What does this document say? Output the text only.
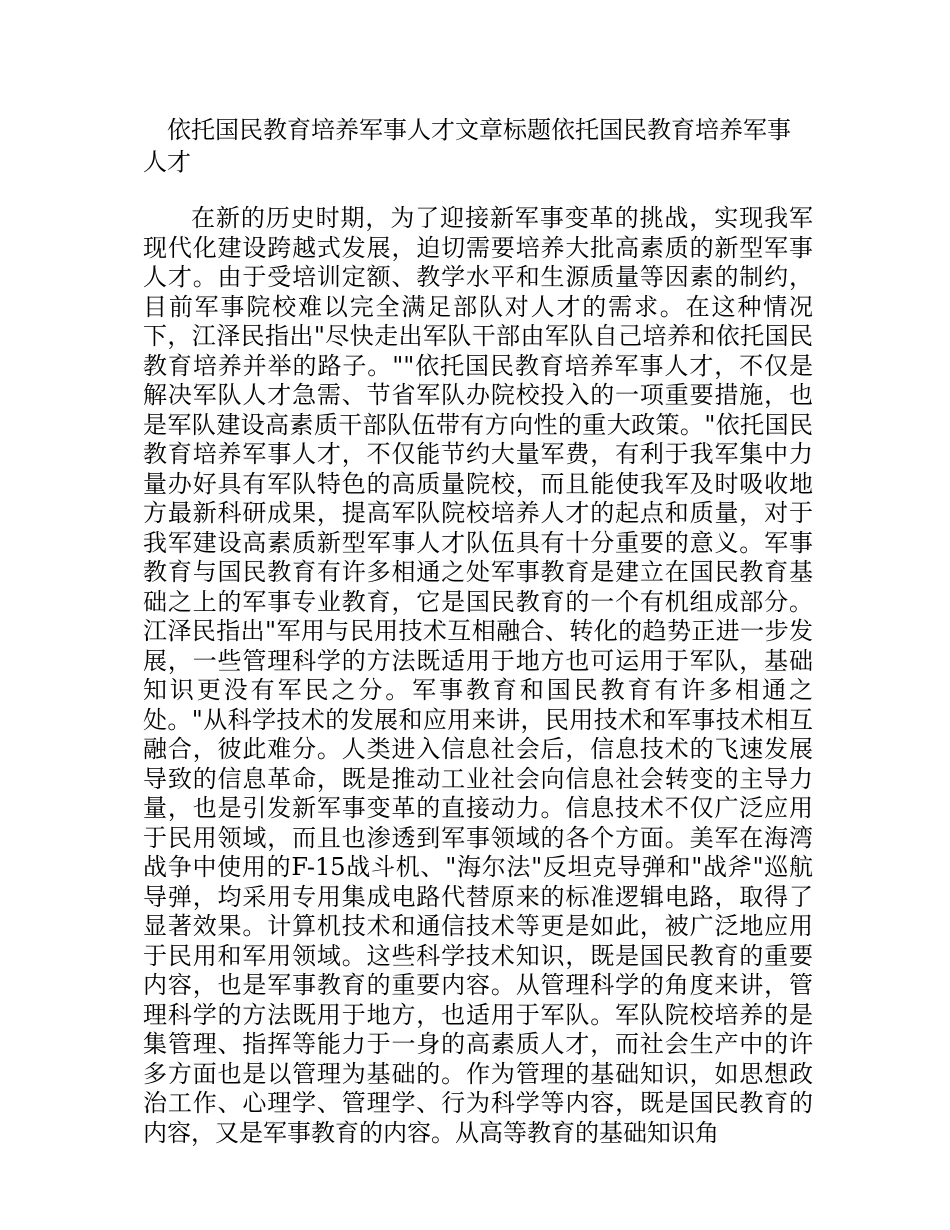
依托国民教育培养军事人才文章标题依托国民教育培养军事人才

在新的历史时期，为了迎接新军事变革的挑战，实现我军现代化建设跨越式发展，迫切需要培养大批高素质的新型军事人才。由于受培训定额、教学水平和生源质量等因素的制约，目前军事院校难以完全满足部队对人才的需求。在这种情况下，江泽民指出"尽快走出军队干部由军队自己培养和依托国民教育培养并举的路子。""依托国民教育培养军事人才，不仅是解决军队人才急需、节省军队办院校投入的一项重要措施，也是军队建设高素质干部队伍带有方向性的重大政策。"依托国民教育培养军事人才，不仅能节约大量军费，有利于我军集中力量办好具有军队特色的高质量院校，而且能使我军及时吸收地方最新科研成果，提高军队院校培养人才的起点和质量，对于我军建设高素质新型军事人才队伍具有十分重要的意义。军事教育与国民教育有许多相通之处军事教育是建立在国民教育基础之上的军事专业教育，它是国民教育的一个有机组成部分。江泽民指出"军用与民用技术互相融合、转化的趋势正进一步发展，一些管理科学的方法既适用于地方也可运用于军队，基础知识更没有军民之分。军事教育和国民教育有许多相通之处。"从科学技术的发展和应用来讲，民用技术和军事技术相互融合，彼此难分。人类进入信息社会后，信息技术的飞速发展导致的信息革命，既是推动工业社会向信息社会转变的主导力量，也是引发新军事变革的直接动力。信息技术不仅广泛应用于民用领域，而且也渗透到军事领域的各个方面。美军在海湾战争中使用的F-15战斗机、"海尔法"反坦克导弹和"战斧"巡航导弹，均采用专用集成电路代替原来的标准逻辑电路，取得了显著效果。计算机技术和通信技术等更是如此，被广泛地应用于民用和军用领域。这些科学技术知识，既是国民教育的重要内容，也是军事教育的重要内容。从管理科学的角度来讲，管理科学的方法既用于地方，也适用于军队。军队院校培养的是集管理、指挥等能力于一身的高素质人才，而社会生产中的许多方面也是以管理为基础的。作为管理的基础知识，如思想政治工作、心理学、管理学、行为科学等内容，既是国民教育的内容，又是军事教育的内容。从高等教育的基础知识角
